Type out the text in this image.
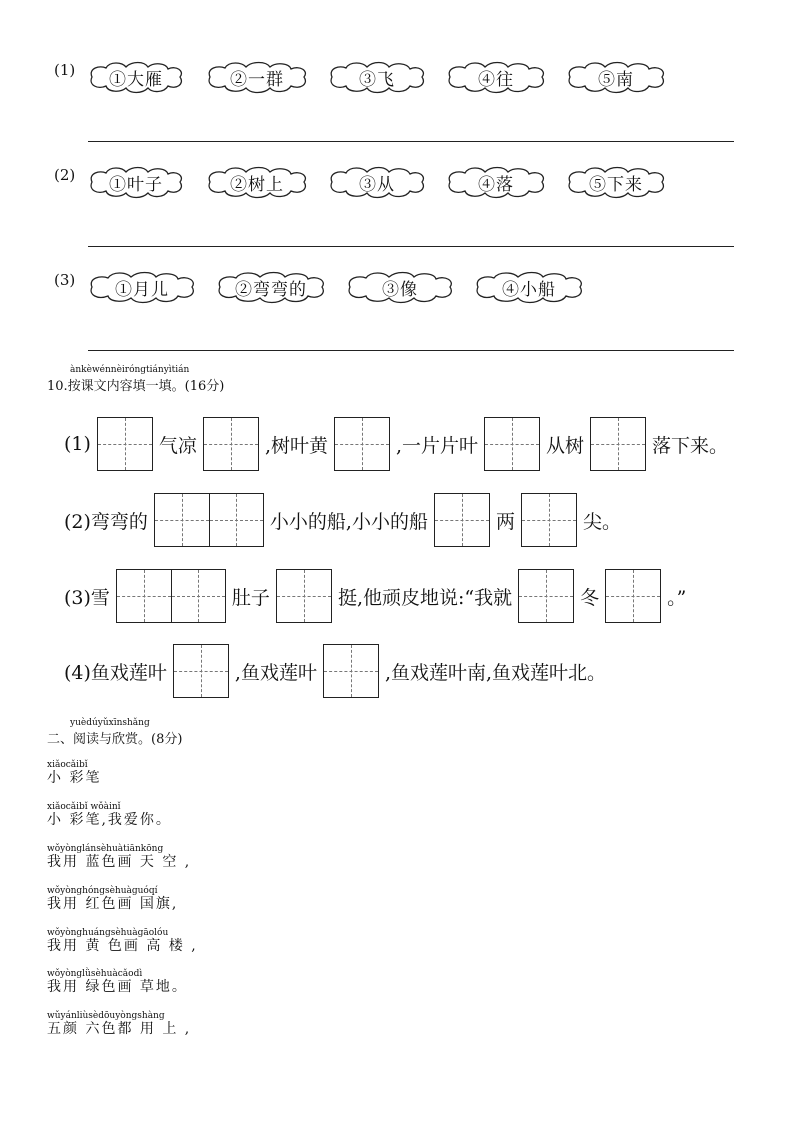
(1) ①大雁	②一群	③飞	④往	⑤南
(2) ①叶子	②树上	③从	④落	⑤下来
(3) ①月儿	②弯弯的	③像	④小船
ànkèwénnèiróngtiányìtián
10.按课文内容填一填。(16分)
(1)	气凉	,树叶黄	,一片片叶	从树	落下来。
(2)弯弯的	小小的船,小小的船	两	尖。
(3)雪	肚子	挺,他顽皮地说:“我就	冬	。”
(4)鱼戏莲叶	,鱼戏莲叶	,鱼戏莲叶南,鱼戏莲叶北。
yuèdúyǔxīnshǎng
二、阅读与欣赏。(8分)
xiǎocǎibǐ
小 彩笔
xiǎocǎibǐ wǒàinǐ
小 彩笔,我爱你。
wǒyònglánsèhuàtiānkōng
我用 蓝色画 天 空 ,
wǒyònghóngsèhuàguóqí
我用 红色画 国旗,
wǒyònghuángsèhuàgāolóu
我用 黄 色画 高 楼 ,
wǒyònglǜsèhuàcǎodì
我用 绿色画 草地。
wǔyánliùsèdōuyòngshàng
五颜 六色都 用 上 ,
